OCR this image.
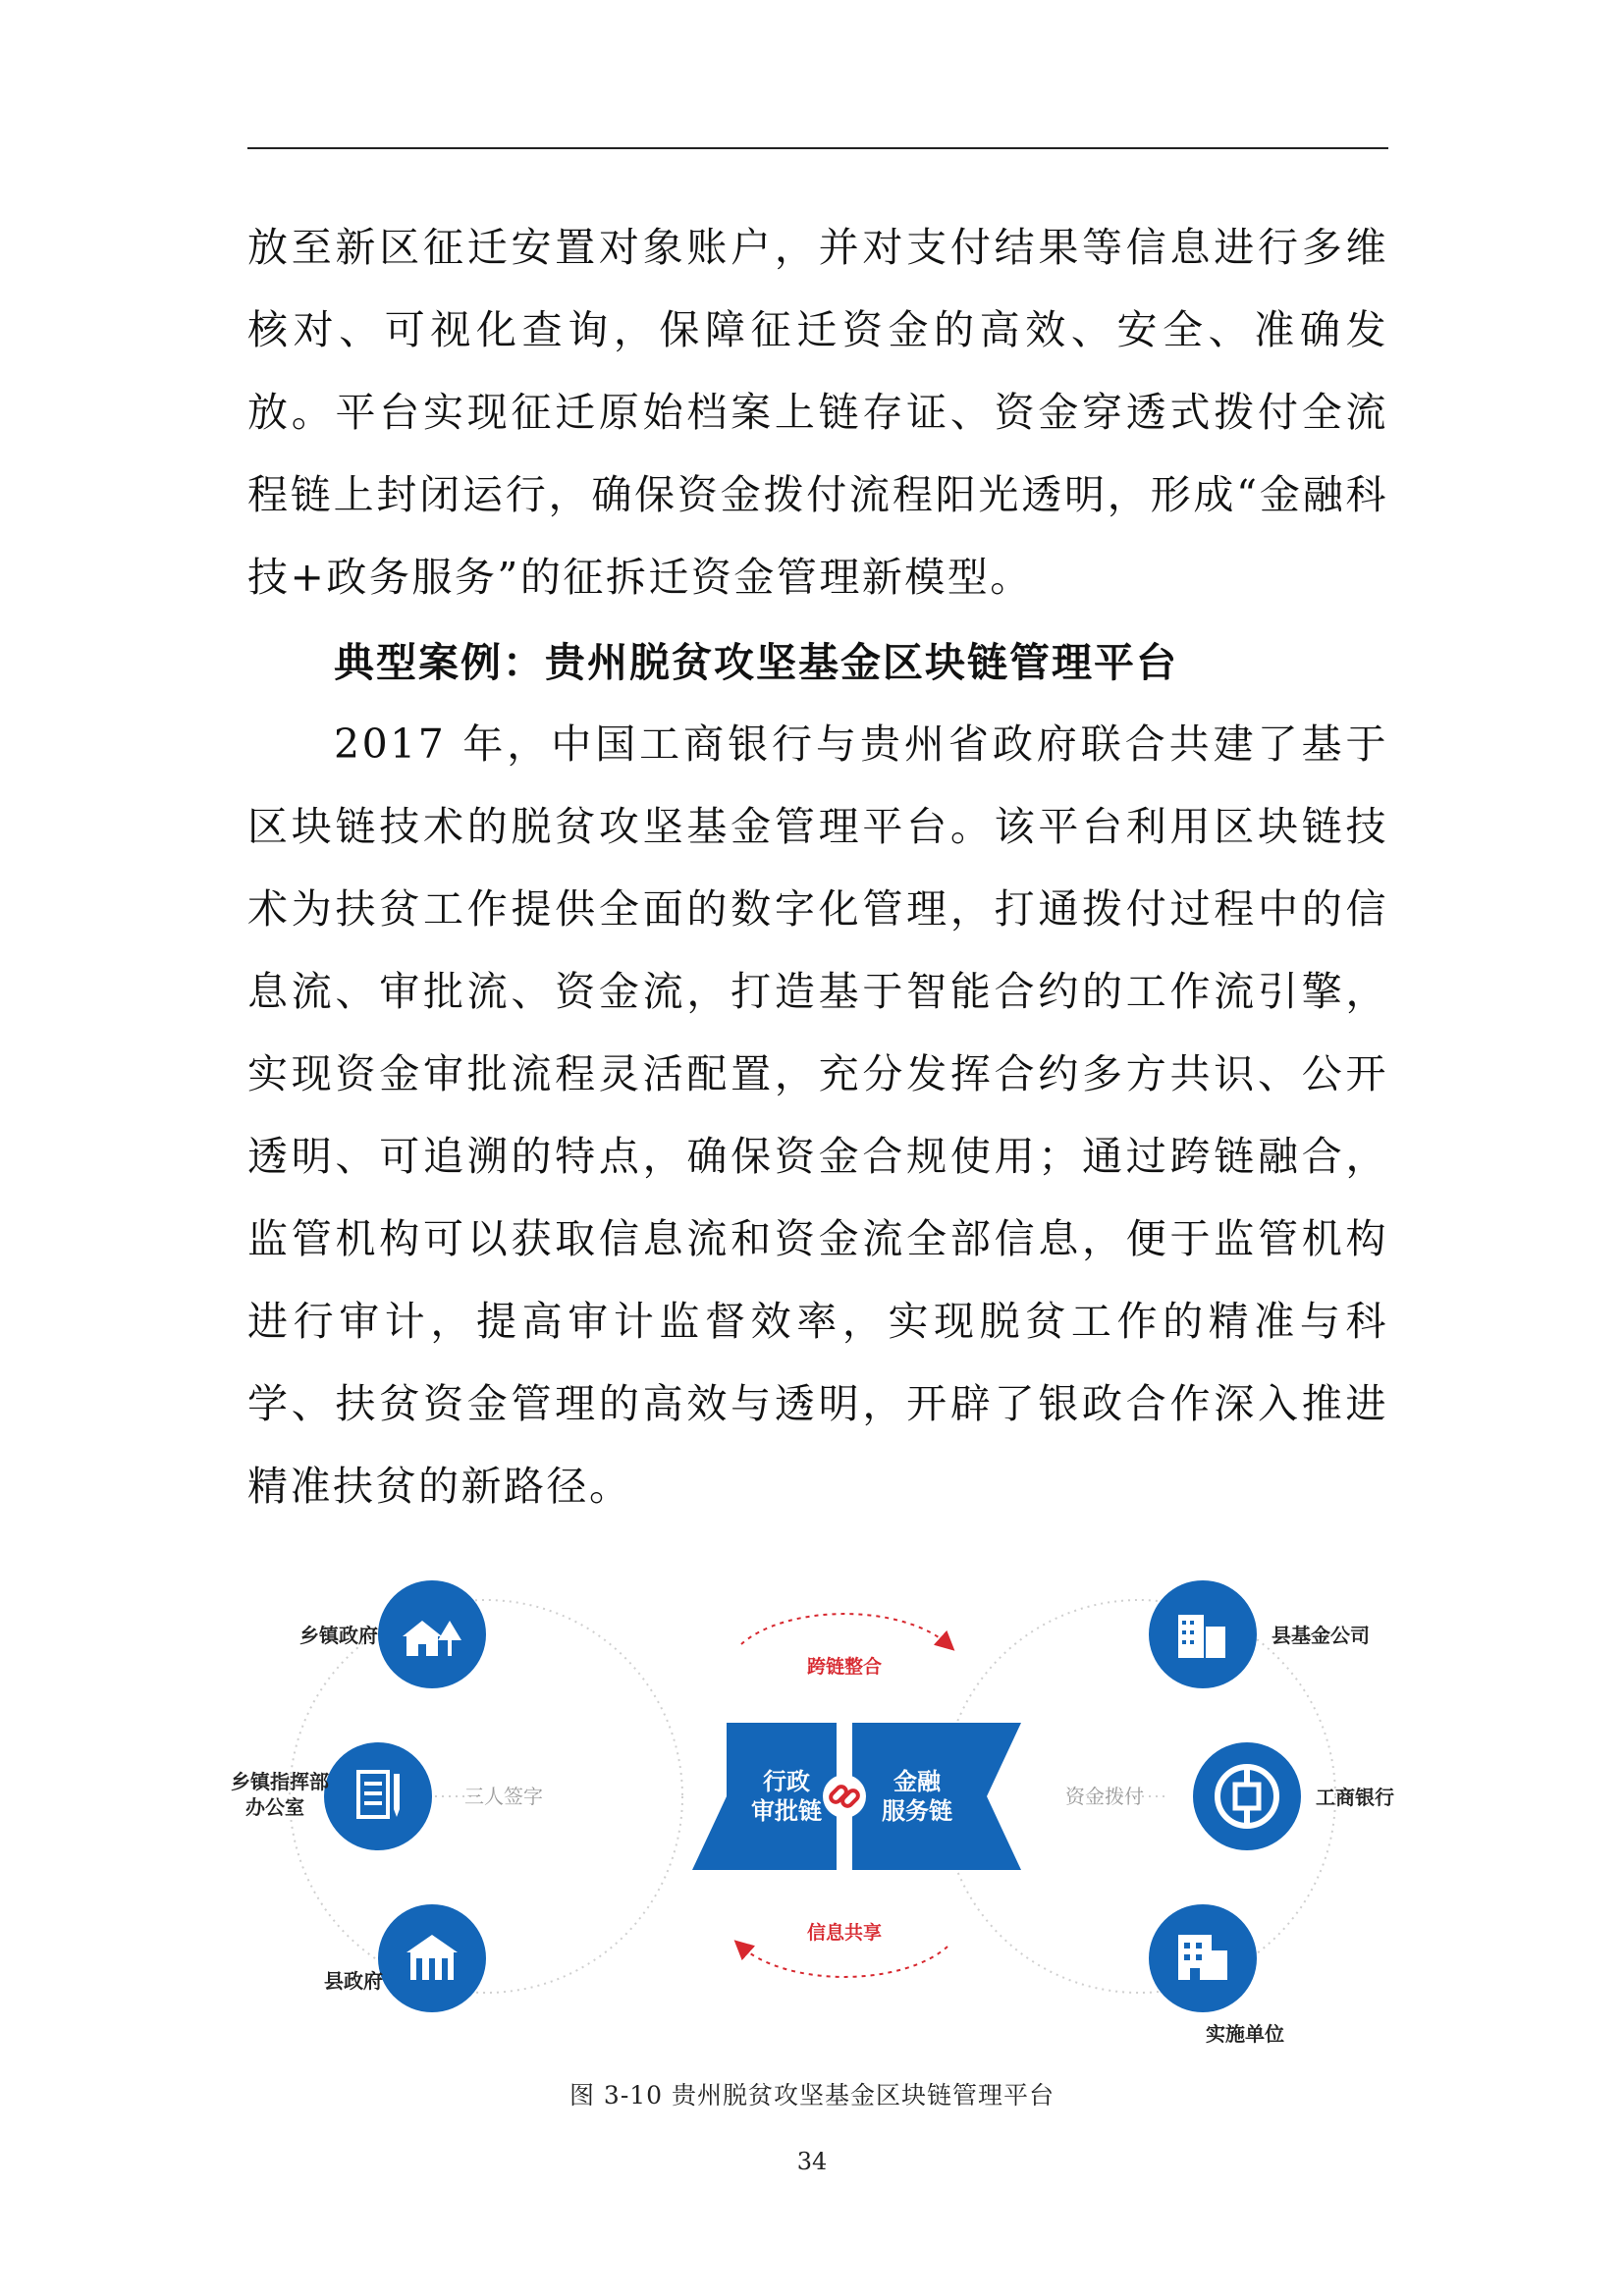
放至新区征迁安置对象账户，并对支付结果等信息进行多维核对、可视化查询，保障征迁资金的高效、安全、准确发放。平台实现征迁原始档案上链存证、资金穿透式拨付全流程链上封闭运行，确保资金拨付流程阳光透明，形成“金融科技+政务服务”的征拆迁资金管理新模型。

典型案例：贵州脱贫攻坚基金区块链管理平台

2017 年，中国工商银行与贵州省政府联合共建了基于区块链技术的脱贫攻坚基金管理平台。该平台利用区块链技术为扶贫工作提供全面的数字化管理，打通拨付过程中的信息流、审批流、资金流，打造基于智能合约的工作流引擎，实现资金审批流程灵活配置，充分发挥合约多方共识、公开透明、可追溯的特点，确保资金合规使用；通过跨链融合，监管机构可以获取信息流和资金流全部信息，便于监管机构进行审计，提高审计监督效率，实现脱贫工作的精准与科学、扶贫资金管理的高效与透明，开辟了银政合作深入推进精准扶贫的新路径。

乡镇政府
乡镇指挥部
办公室
县政府
县基金公司
工商银行
实施单位
三人签字	资金拨付
跨链整合
信息共享
行政
审批链
金融
服务链
图 3-10 贵州脱贫攻坚基金区块链管理平台
34
